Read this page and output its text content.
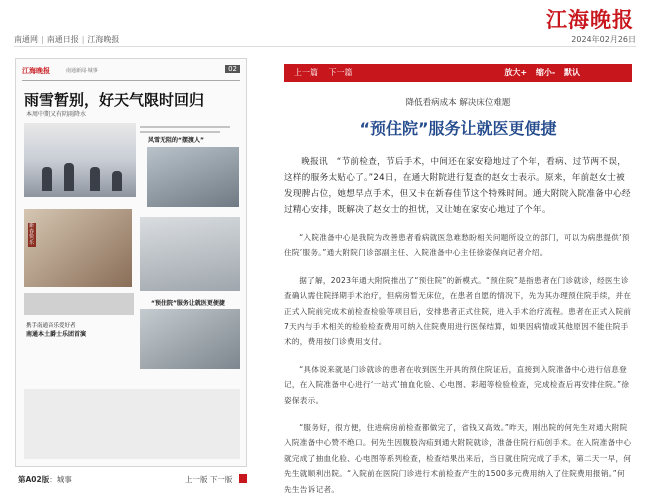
江海晚报
南通网 | 南通日报 | 江海晚报	2024年02月26日
江海晚报	南通新闻·城事	02
雨雪暂别，好天气限时回归
本周中期又有阴雨降水
风雪无阻的“摆渡人”
新春快乐
“预住院”服务让就医更便捷
携手南通音乐爱好者
南通本土爵士乐团首演
第A02版：城事	上一版 下一版
上一篇 下一篇	放大+ 缩小- 默认
降低看病成本 解决床位难题
“预住院”服务让就医更便捷

晚报讯　“节前检查，节后手术，中间还在家安稳地过了个年，看病、过节两不误，这样的服务太贴心了。”24日，在通大附院进行复查的赵女士表示。原来，年前赵女士被发现脾占位，她想早点手术，但又卡在新春佳节这个特殊时间。通大附院入院准备中心经过精心安排，既解决了赵女士的担忧，又让她在家安心地过了个年。

“入院准备中心是我院为改善患者看病就医急难愁盼相关问题所设立的部门，可以为病患提供‘预住院’服务。”通大附院门诊部副主任、入院准备中心主任徐姿保向记者介绍。

据了解，2023年通大附院推出了“预住院”的新模式。“预住院”是指患者在门诊就诊，经医生诊查确认需住院择期手术治疗，但病房暂无床位，在患者自愿的情况下，先为其办理预住院手续，并在正式入院前完成术前检查检验等项目后，安排患者正式住院，进入手术治疗流程。患者在正式入院前7天内与手术相关的检验检查费用可纳入住院费用进行医保结算，如果因病情或其他原因不能住院手术的，费用按门诊费用支付。

“具体说来就是门诊就诊的患者在收到医生开具的预住院证后，直接到入院准备中心进行信息登记，在入院准备中心进行‘一站式’抽血化验、心电图、彩超等检验检查，完成检查后再安排住院。”徐姿保表示。

“服务好，很方便，住进病房前检查都做完了，省钱又高效。”昨天，刚出院的何先生对通大附院入院准备中心赞不绝口。何先生因腹股沟疝到通大附院就诊，准备住院行疝创手术。在入院准备中心就完成了抽血化验、心电图等系列检查，检查结果出来后，当日就住院完成了手术，第二天一早，何先生就顺利出院。“入院前在医院门诊进行术前检查产生的1500多元费用纳入了住院费用报销。”何先生告诉记者。
